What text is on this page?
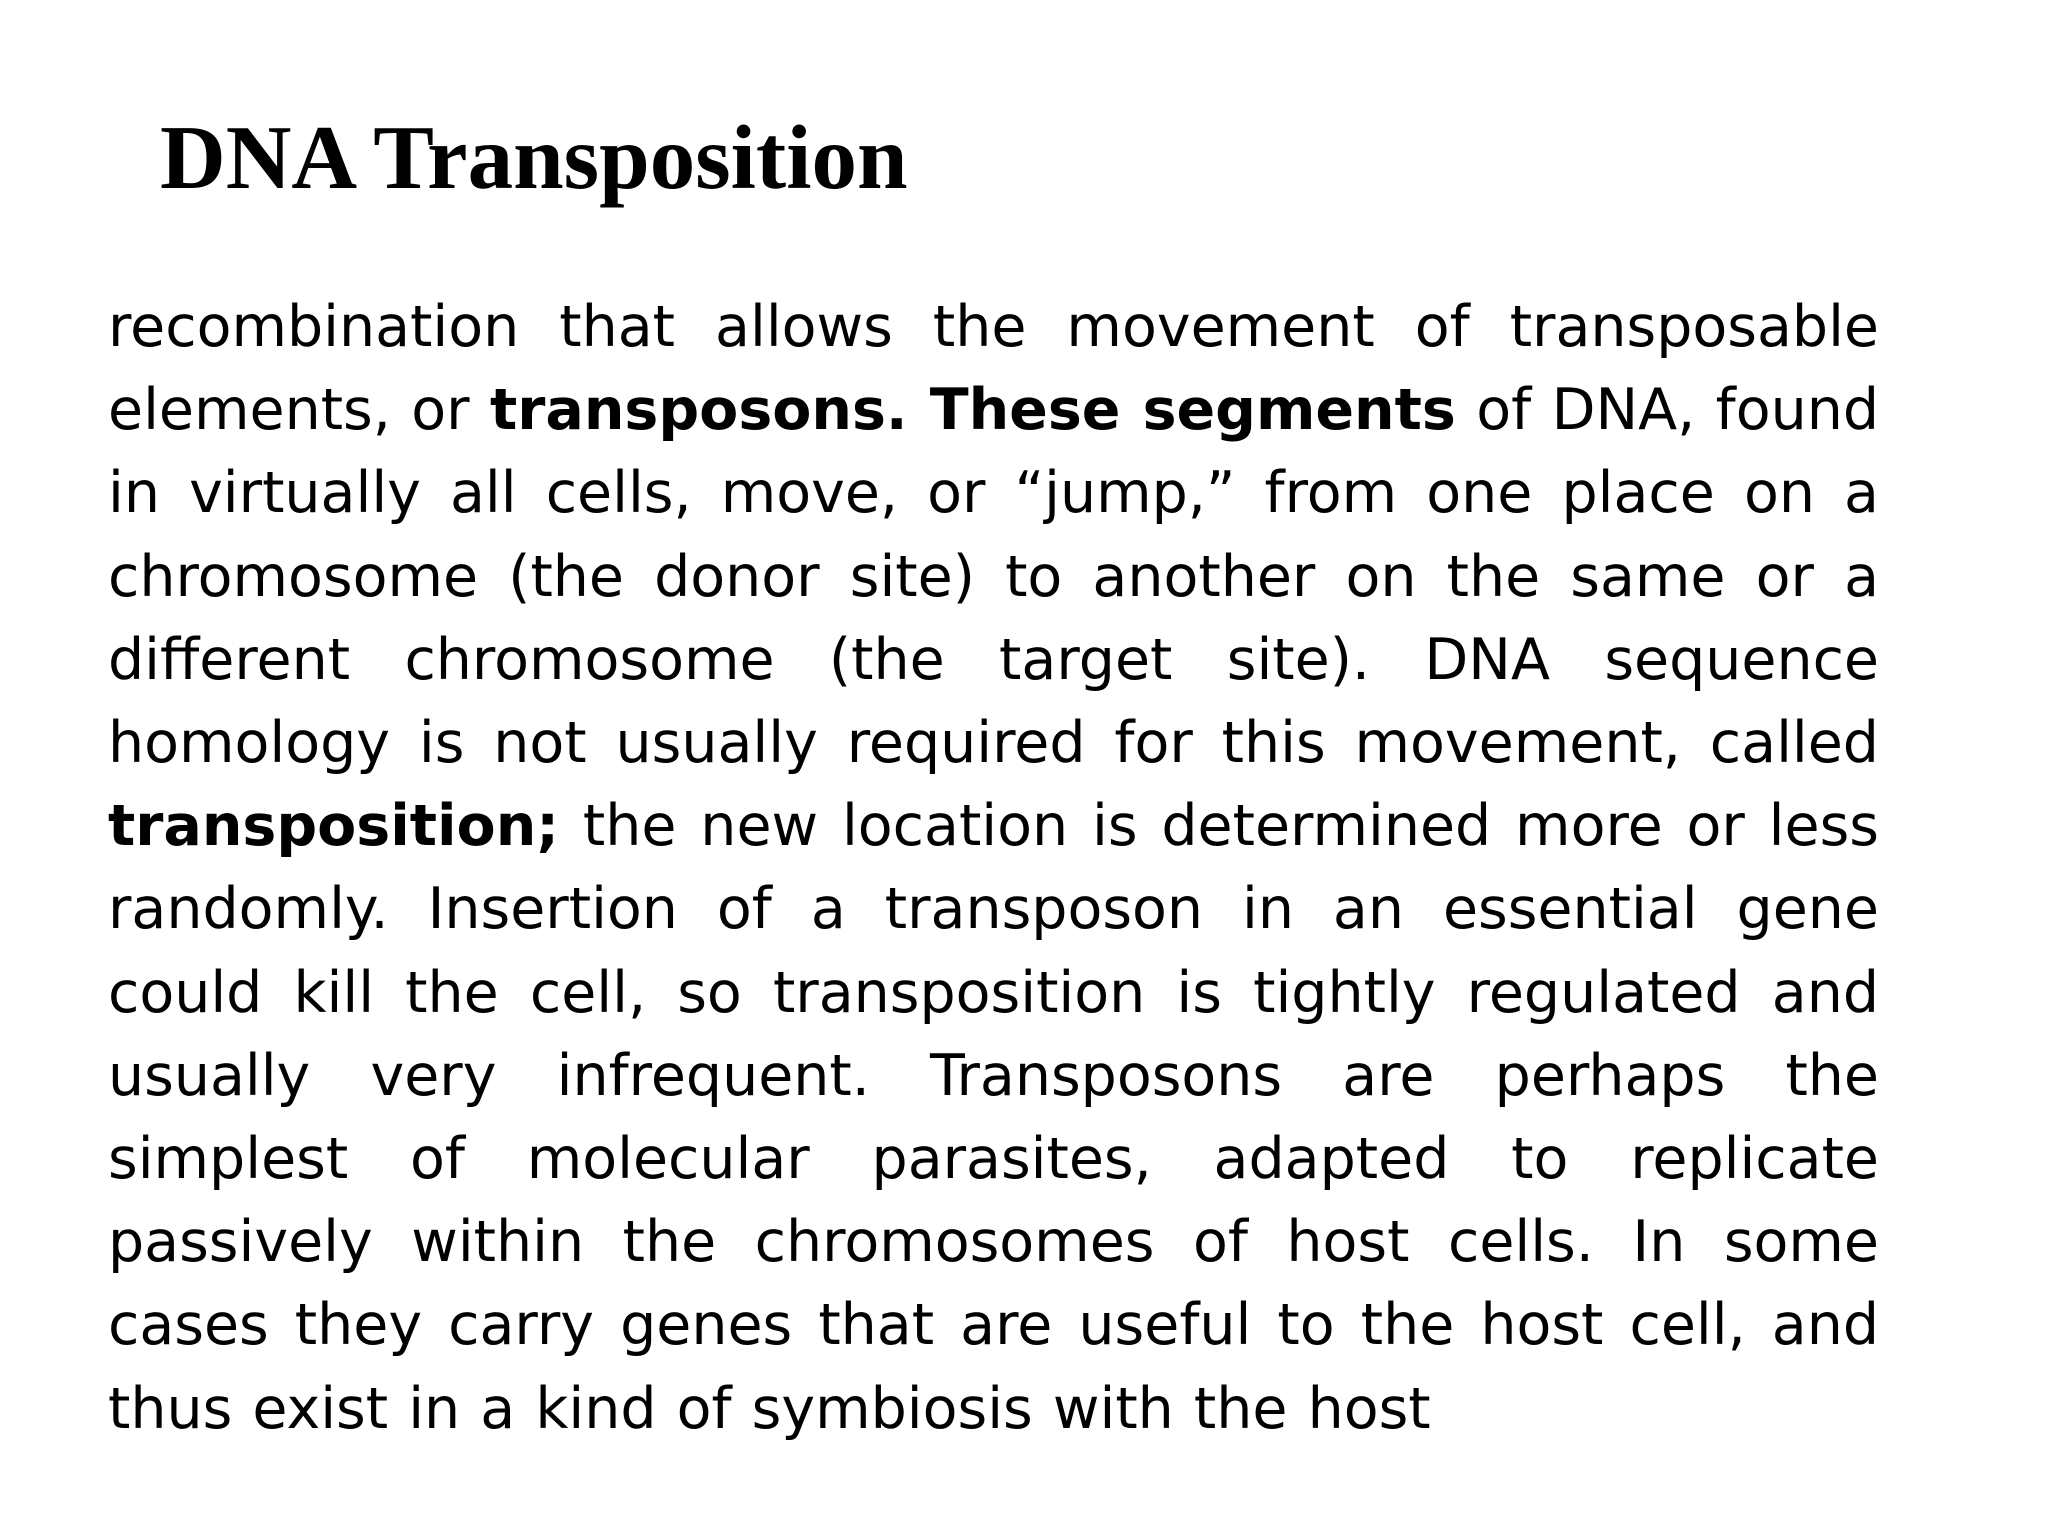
DNA Transposition

recombination that allows the movement of transposable elements, or transposons. These segments of DNA, found in virtually all cells, move, or “jump,” from one place on a chromosome (the donor site) to another on the same or a different chromosome (the target site). DNA sequence homology is not usually required for this movement, called transposition; the new location is determined more or less randomly. Insertion of a transposon in an essential gene could kill the cell, so transposition is tightly regulated and usually very infrequent. Transposons are perhaps the simplest of molecular parasites, adapted to replicate passively within the chromosomes of host cells. In some cases they carry genes that are useful to the host cell, and thus exist in a kind of symbiosis with the host
